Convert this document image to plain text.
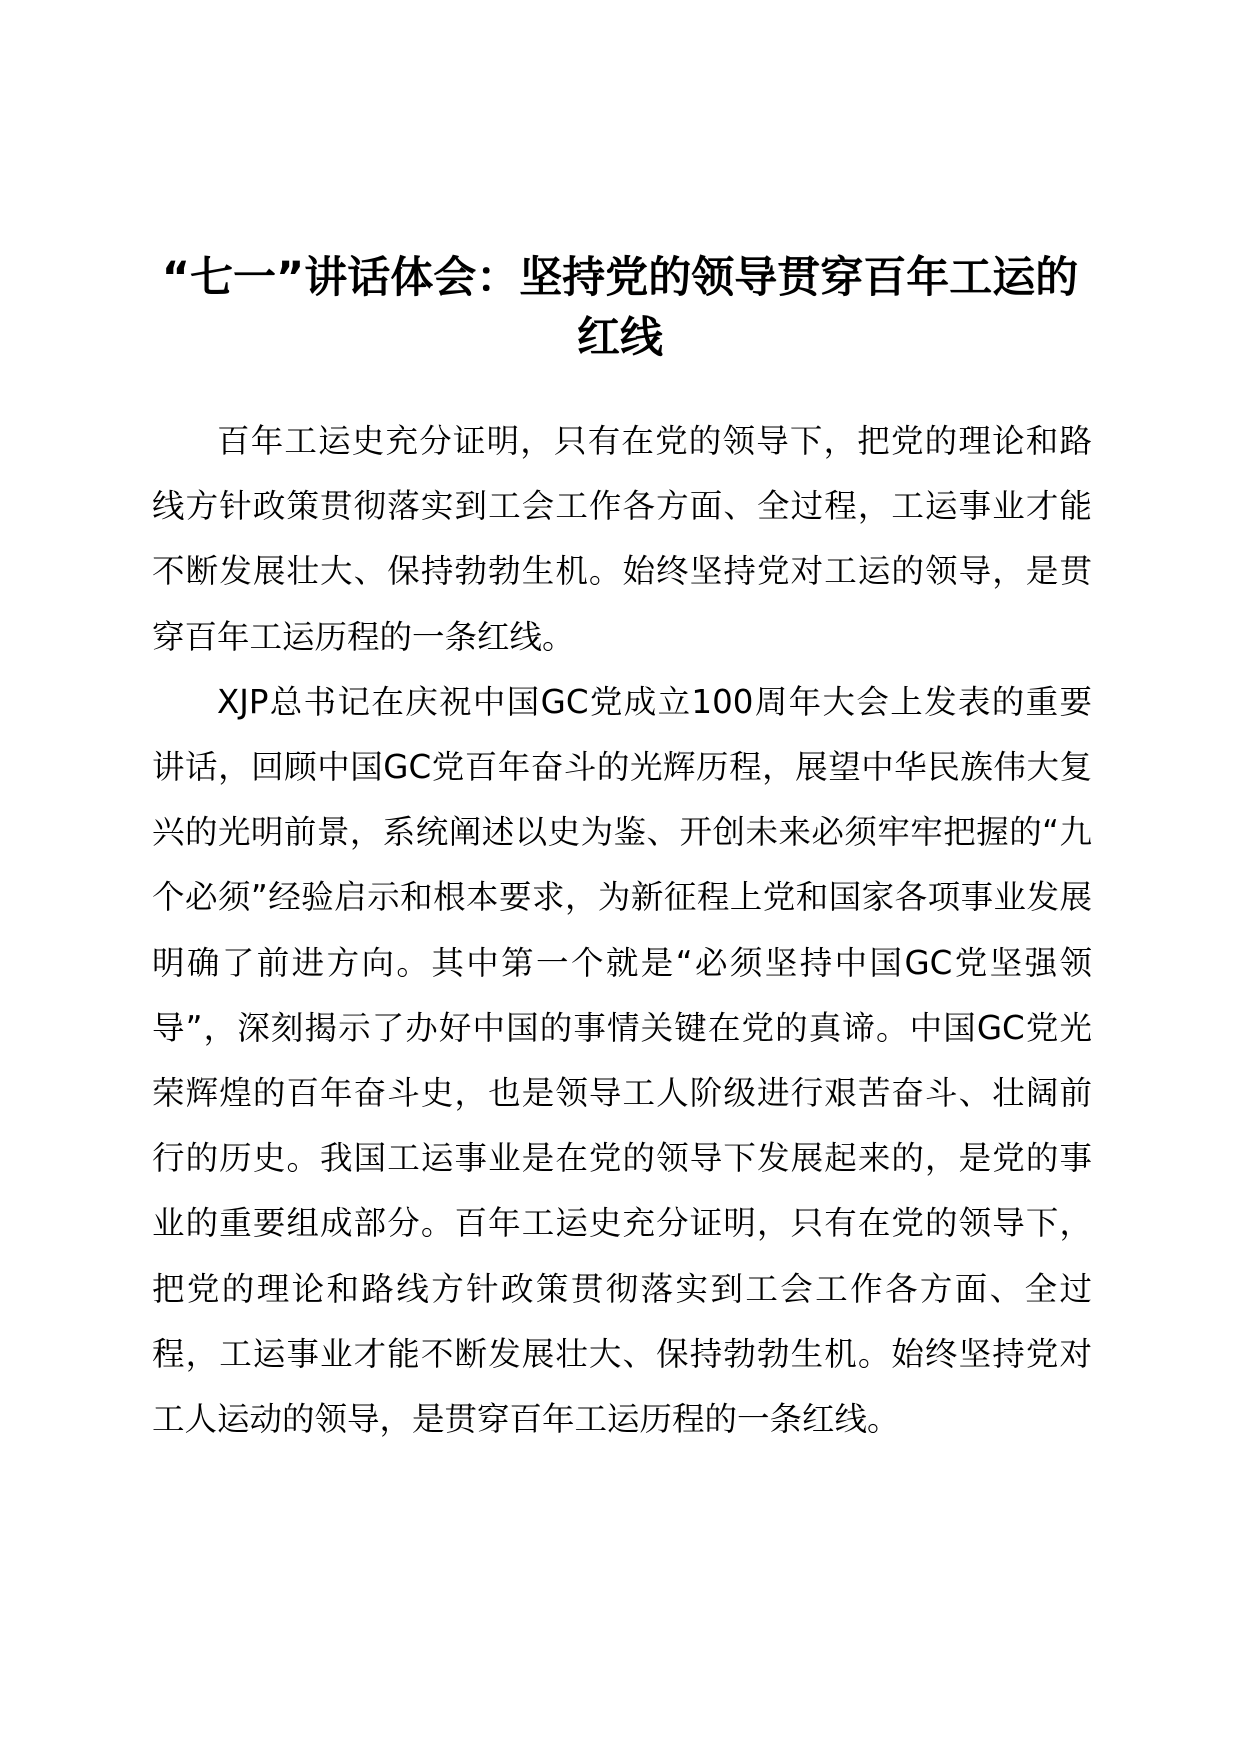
“七一”讲话体会：坚持党的领导贯穿百年工运的红线

百年工运史充分证明，只有在党的领导下，把党的理论和路线方针政策贯彻落实到工会工作各方面、全过程，工运事业才能不断发展壮大、保持勃勃生机。始终坚持党对工运的领导，是贯穿百年工运历程的一条红线。

XJP总书记在庆祝中国GC党成立100周年大会上发表的重要讲话，回顾中国GC党百年奋斗的光辉历程，展望中华民族伟大复兴的光明前景，系统阐述以史为鉴、开创未来必须牢牢把握的“九个必须”经验启示和根本要求，为新征程上党和国家各项事业发展明确了前进方向。其中第一个就是“必须坚持中国GC党坚强领导”，深刻揭示了办好中国的事情关键在党的真谛。中国GC党光荣辉煌的百年奋斗史，也是领导工人阶级进行艰苦奋斗、壮阔前行的历史。我国工运事业是在党的领导下发展起来的，是党的事业的重要组成部分。百年工运史充分证明，只有在党的领导下，把党的理论和路线方针政策贯彻落实到工会工作各方面、全过程，工运事业才能不断发展壮大、保持勃勃生机。始终坚持党对工人运动的领导，是贯穿百年工运历程的一条红线。
